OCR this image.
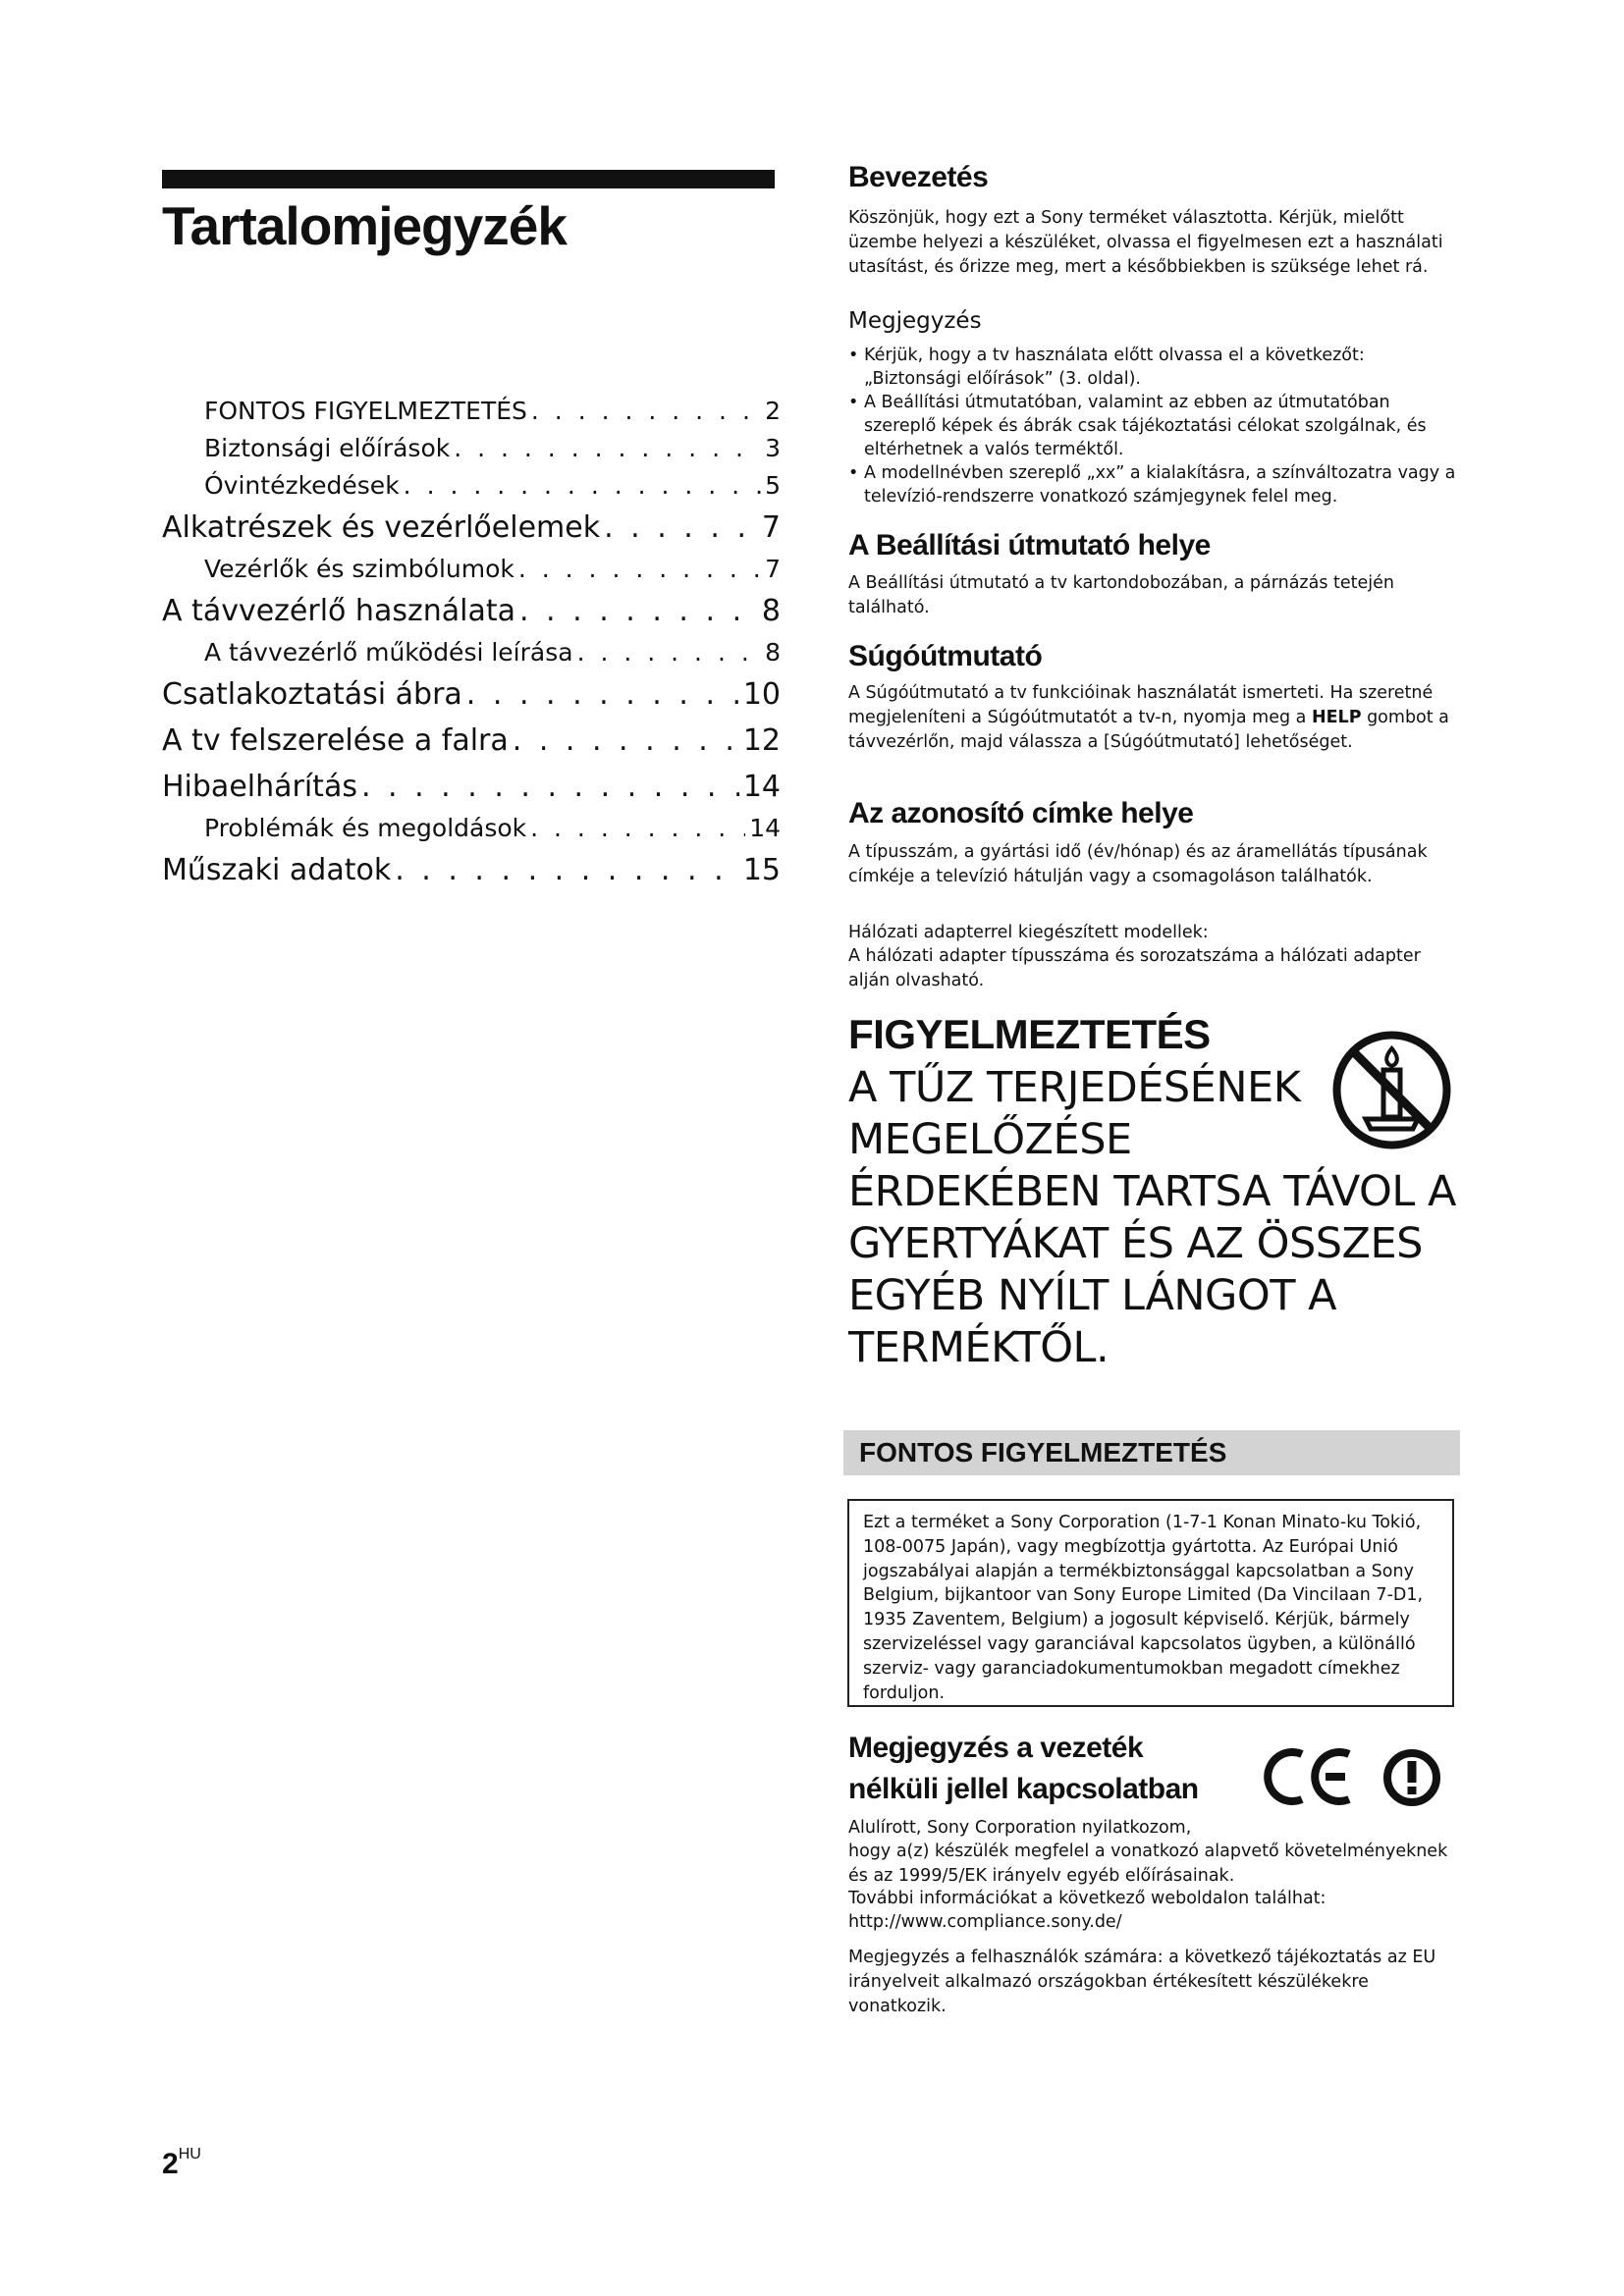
Tartalomjegyzék
FONTOS FIGYELMEZTETÉS . . .	2
Biztonsági előírások . . .	3
Óvintézkedések . . .	5
Alkatrészek és vezérlőelemek . . .	7
Vezérlők és szimbólumok . . .	7
A távvezérlő használata . . .	8
A távvezérlő működési leírása . . .	8
Csatlakoztatási ábra . . .	10
A tv felszerelése a falra . . .	12
Hibaelhárítás . . .	14
Problémák és megoldások . . .	14
Műszaki adatok . . .	15
Bevezetés
Köszönjük, hogy ezt a Sony terméket választotta. Kérjük, mielőtt üzembe helyezi a készüléket, olvassa el figyelmesen ezt a használati utasítást, és őrizze meg, mert a későbbiekben is szüksége lehet rá.
Megjegyzés
• Kérjük, hogy a tv használata előtt olvassa el a következőt: „Biztonsági előírások” (3. oldal).
• A Beállítási útmutatóban, valamint az ebben az útmutatóban szereplő képek és ábrák csak tájékoztatási célokat szolgálnak, és eltérhetnek a valós terméktől.
• A modellnévben szereplő „xx” a kialakításra, a színváltozatra vagy a televízió-rendszerre vonatkozó számjegynek felel meg.
A Beállítási útmutató helye
A Beállítási útmutató a tv kartondobozában, a párnázás tetején található.
Súgóútmutató
A Súgóútmutató a tv funkcióinak használatát ismerteti. Ha szeretné megjeleníteni a Súgóútmutatót a tv-n, nyomja meg a HELP gombot a távvezérlőn, majd válassza a [Súgóútmutató] lehetőséget.
Az azonosító címke helye
A típusszám, a gyártási idő (év/hónap) és az áramellátás típusának címkéje a televízió hátulján vagy a csomagoláson találhatók.
Hálózati adapterrel kiegészített modellek:
A hálózati adapter típusszáma és sorozatszáma a hálózati adapter alján olvasható.
FIGYELMEZTETÉS
A TŰZ TERJEDÉSÉNEK
MEGELŐZÉSE
ÉRDEKÉBEN TARTSA TÁVOL A
GYERTYÁKAT ÉS AZ ÖSSZES
EGYÉB NYÍLT LÁNGOT A
TERMÉKTŐL.
FONTOS FIGYELMEZTETÉS
Ezt a terméket a Sony Corporation (1-7-1 Konan Minato-ku Tokió, 108-0075 Japán), vagy megbízottja gyártotta. Az Európai Unió jogszabályai alapján a termékbiztonsággal kapcsolatban a Sony Belgium, bijkantoor van Sony Europe Limited (Da Vincilaan 7-D1, 1935 Zaventem, Belgium) a jogosult képviselő. Kérjük, bármely szervizeléssel vagy garanciával kapcsolatos ügyben, a különálló szerviz- vagy garanciadokumentumokban megadott címekhez forduljon.
Megjegyzés a vezeték
nélküli jellel kapcsolatban
Alulírott, Sony Corporation nyilatkozom,
hogy a(z) készülék megfelel a vonatkozó alapvető követelményeknek és az 1999/5/EK irányelv egyéb előírásainak.
További információkat a következő weboldalon találhat:
http://www.compliance.sony.de/
Megjegyzés a felhasználók számára: a következő tájékoztatás az EU irányelveit alkalmazó országokban értékesített készülékekre vonatkozik.
$2^{HU}$
